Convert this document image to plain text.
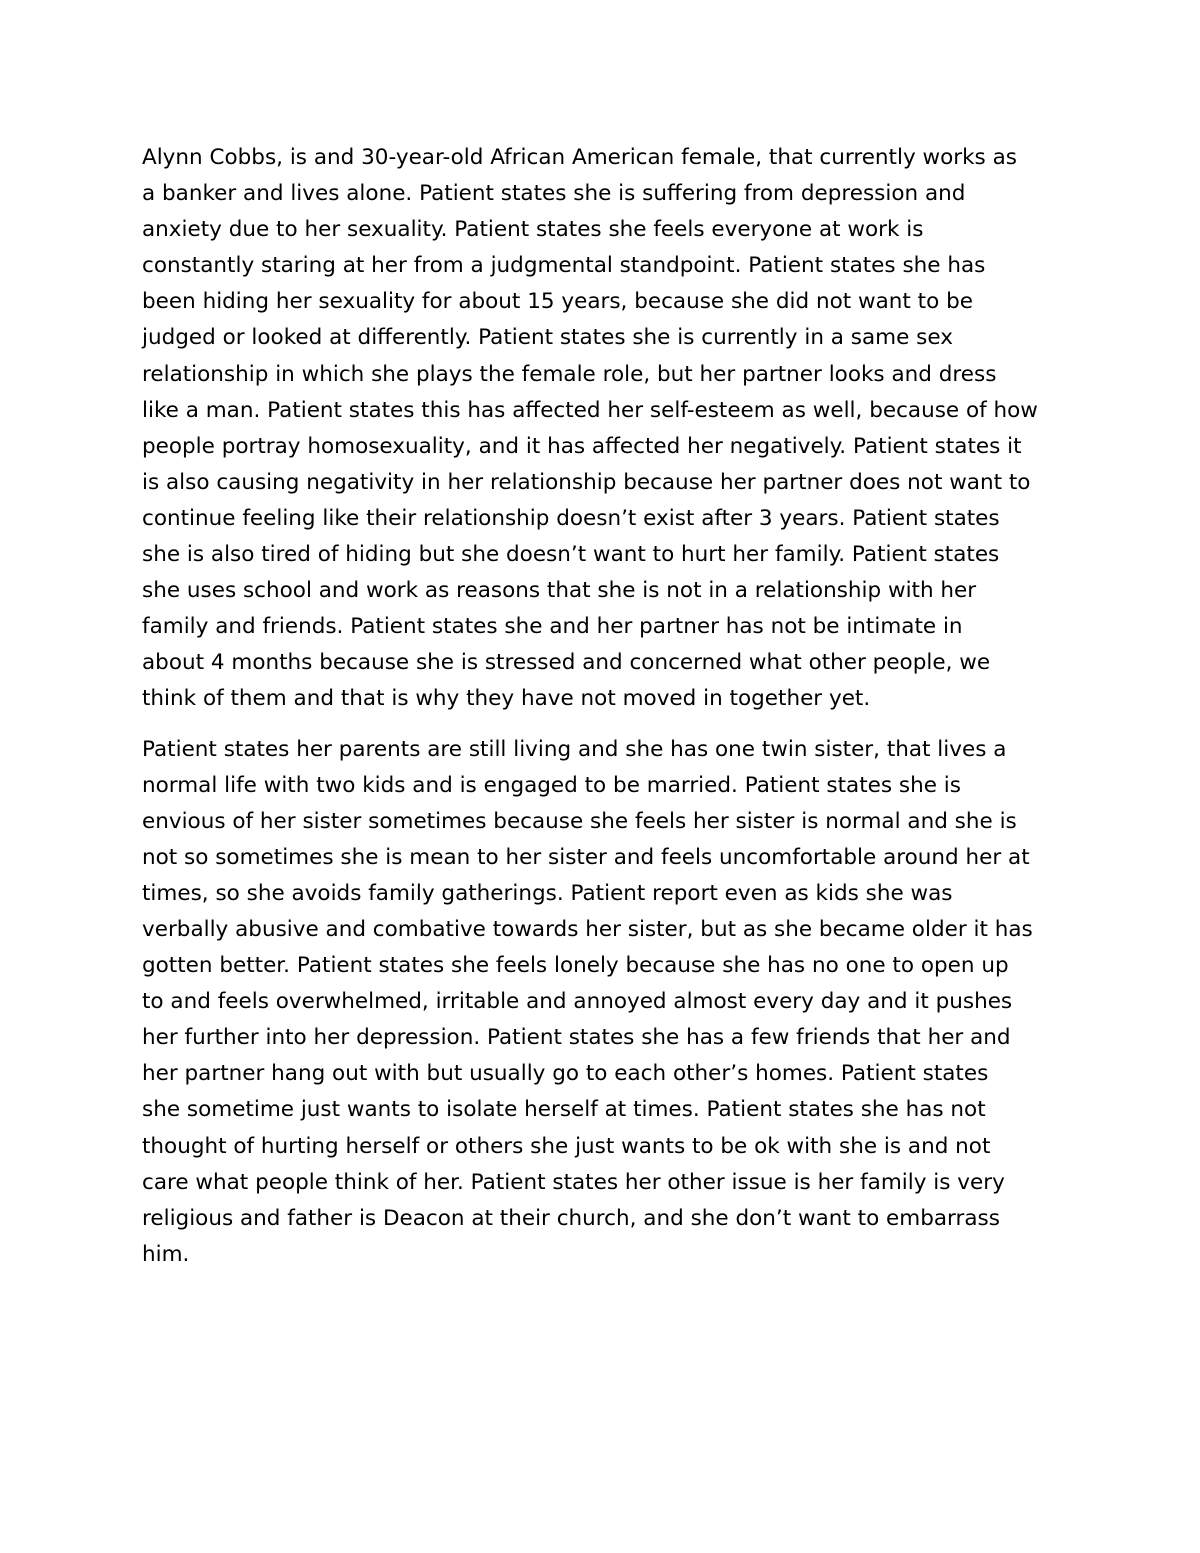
Alynn Cobbs, is and 30-year-old African American female, that currently works as
a banker and lives alone. Patient states she is suffering from depression and
anxiety due to her sexuality. Patient states she feels everyone at work is
constantly staring at her from a judgmental standpoint. Patient states she has
been hiding her sexuality for about 15 years, because she did not want to be
judged or looked at differently. Patient states she is currently in a same sex
relationship in which she plays the female role, but her partner looks and dress
like a man. Patient states this has affected her self-esteem as well, because of how
people portray homosexuality, and it has affected her negatively. Patient states it
is also causing negativity in her relationship because her partner does not want to
continue feeling like their relationship doesn’t exist after 3 years. Patient states
she is also tired of hiding but she doesn’t want to hurt her family. Patient states
she uses school and work as reasons that she is not in a relationship with her
family and friends. Patient states she and her partner has not be intimate in
about 4 months because she is stressed and concerned what other people, we
think of them and that is why they have not moved in together yet.

Patient states her parents are still living and she has one twin sister, that lives a
normal life with two kids and is engaged to be married. Patient states she is
envious of her sister sometimes because she feels her sister is normal and she is
not so sometimes she is mean to her sister and feels uncomfortable around her at
times, so she avoids family gatherings. Patient report even as kids she was
verbally abusive and combative towards her sister, but as she became older it has
gotten better. Patient states she feels lonely because she has no one to open up
to and feels overwhelmed, irritable and annoyed almost every day and it pushes
her further into her depression. Patient states she has a few friends that her and
her partner hang out with but usually go to each other’s homes. Patient states
she sometime just wants to isolate herself at times. Patient states she has not
thought of hurting herself or others she just wants to be ok with she is and not
care what people think of her. Patient states her other issue is her family is very
religious and father is Deacon at their church, and she don’t want to embarrass
him.
